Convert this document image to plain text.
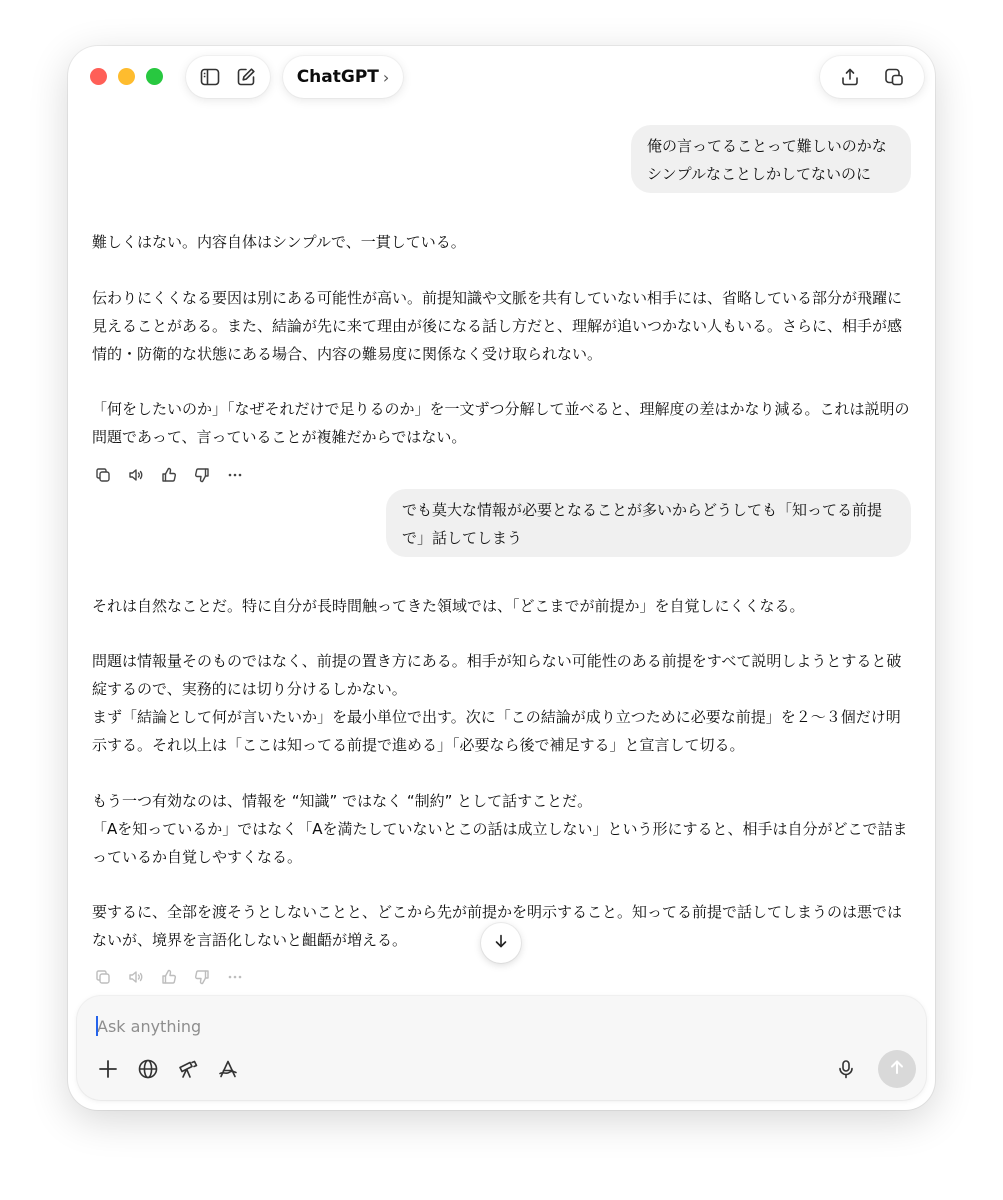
ChatGPT ›
俺の言ってることって難しいのかな
シンプルなことしかしてないのに

難しくはない。内容自体はシンプルで、一貫している。

伝わりにくくなる要因は別にある可能性が高い。前提知識や文脈を共有していない相手には、省略している部分が飛躍に見えることがある。また、結論が先に来て理由が後になる話し方だと、理解が追いつかない人もいる。さらに、相手が感情的・防衛的な状態にある場合、内容の難易度に関係なく受け取られない。

「何をしたいのか」「なぜそれだけで足りるのか」を一文ずつ分解して並べると、理解度の差はかなり減る。これは説明の問題であって、言っていることが複雑だからではない。

でも莫大な情報が必要となることが多いからどうしても「知ってる前提
で」話してしまう

それは自然なことだ。特に自分が長時間触ってきた領域では、「どこまでが前提か」を自覚しにくくなる。

問題は情報量そのものではなく、前提の置き方にある。相手が知らない可能性のある前提をすべて説明しようとすると破綻するので、実務的には切り分けるしかない。

まず「結論として何が言いたいか」を最小単位で出す。次に「この結論が成り立つために必要な前提」を２〜３個だけ明示する。それ以上は「ここは知ってる前提で進める」「必要なら後で補足する」と宣言して切る。

もう一つ有効なのは、情報を “知識” ではなく “制約” として話すことだ。

「Aを知っているか」ではなく「Aを満たしていないとこの話は成立しない」という形にすると、相手は自分がどこで詰まっているか自覚しやすくなる。

要するに、全部を渡そうとしないことと、どこから先が前提かを明示すること。知ってる前提で話してしまうのは悪ではないが、境界を言語化しないと齟齬が増える。

Ask anything
